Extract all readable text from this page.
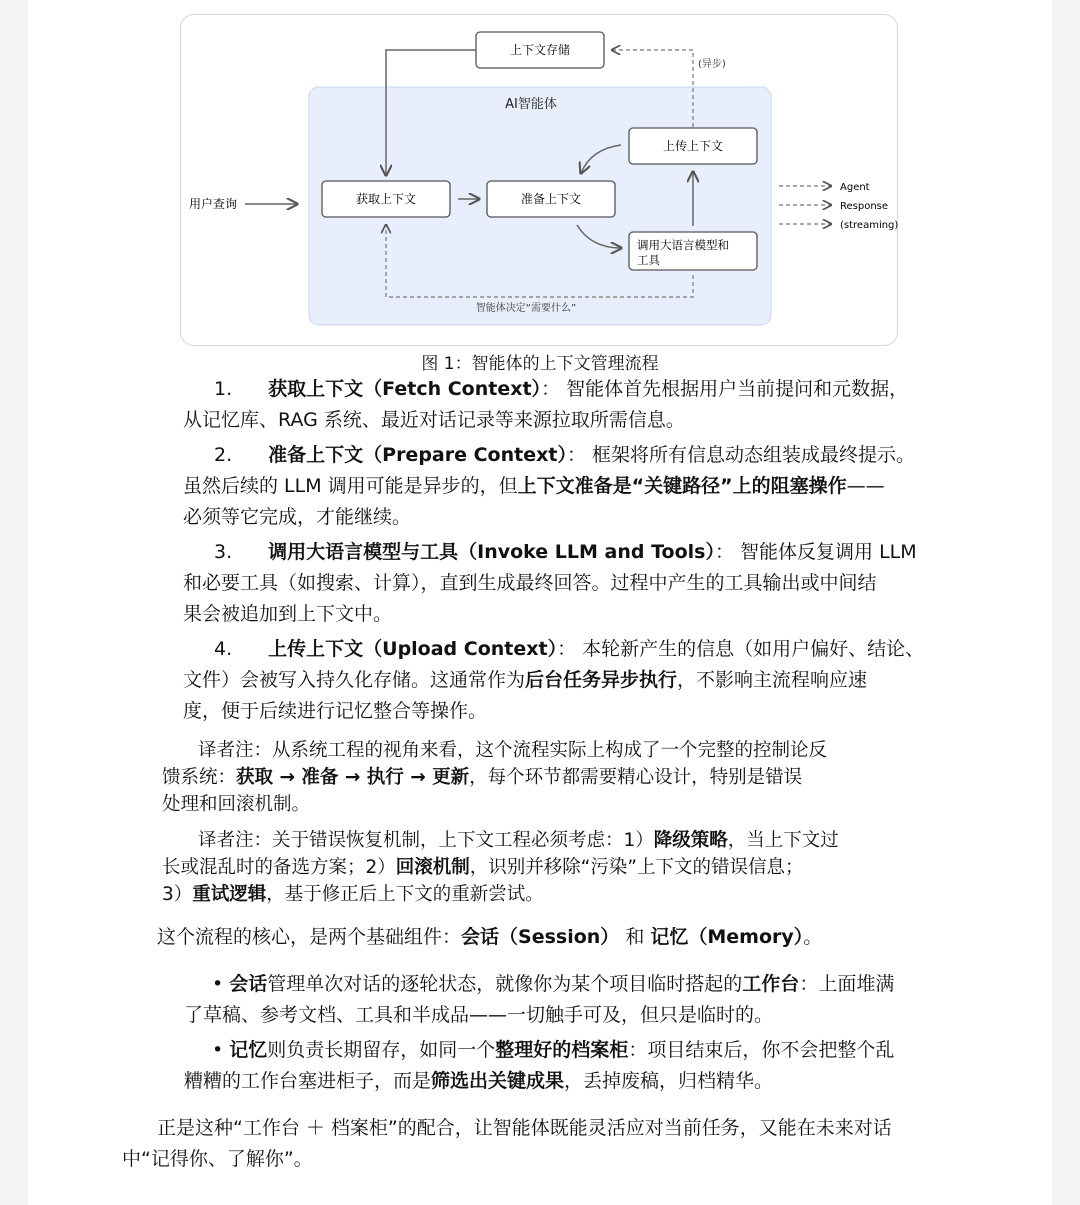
AI智能体
上下文存储
(异步)
用户查询	获取上下文	准备上下文
上传上下文
调用大语言模型和
工具
智能体决定“需要什么”
Agent
Response
(streaming)
图 1：智能体的上下文管理流程
1. 获取上下文（Fetch Context）： 智能体首先根据用户当前提问和元数据，
从记忆库、RAG 系统、最近对话记录等来源拉取所需信息。
2. 准备上下文（Prepare Context）： 框架将所有信息动态组装成最终提示。
虽然后续的 LLM 调用可能是异步的，但上下文准备是“关键路径”上的阻塞操作——
必须等它完成，才能继续。
3. 调用大语言模型与工具（Invoke LLM and Tools）： 智能体反复调用 LLM
和必要工具（如搜索、计算），直到生成最终回答。过程中产生的工具输出或中间结
果会被追加到上下文中。
4. 上传上下文（Upload Context）： 本轮新产生的信息（如用户偏好、结论、
文件）会被写入持久化存储。这通常作为后台任务异步执行，不影响主流程响应速
度，便于后续进行记忆整合等操作。
译者注：从系统工程的视角来看，这个流程实际上构成了一个完整的控制论反
馈系统：获取 → 准备 → 执行 → 更新，每个环节都需要精心设计，特别是错误
处理和回滚机制。
译者注：关于错误恢复机制，上下文工程必须考虑：1）降级策略，当上下文过
长或混乱时的备选方案；2）回滚机制，识别并移除“污染”上下文的错误信息；
3）重试逻辑，基于修正后上下文的重新尝试。
这个流程的核心，是两个基础组件：会话（Session） 和 记忆（Memory）。
• 会话管理单次对话的逐轮状态，就像你为某个项目临时搭起的工作台：上面堆满
了草稿、参考文档、工具和半成品——一切触手可及，但只是临时的。
• 记忆则负责长期留存，如同一个整理好的档案柜：项目结束后，你不会把整个乱
糟糟的工作台塞进柜子，而是筛选出关键成果，丢掉废稿，归档精华。
正是这种“工作台 ＋ 档案柜”的配合，让智能体既能灵活应对当前任务，又能在未来对话
中“记得你、了解你”。
